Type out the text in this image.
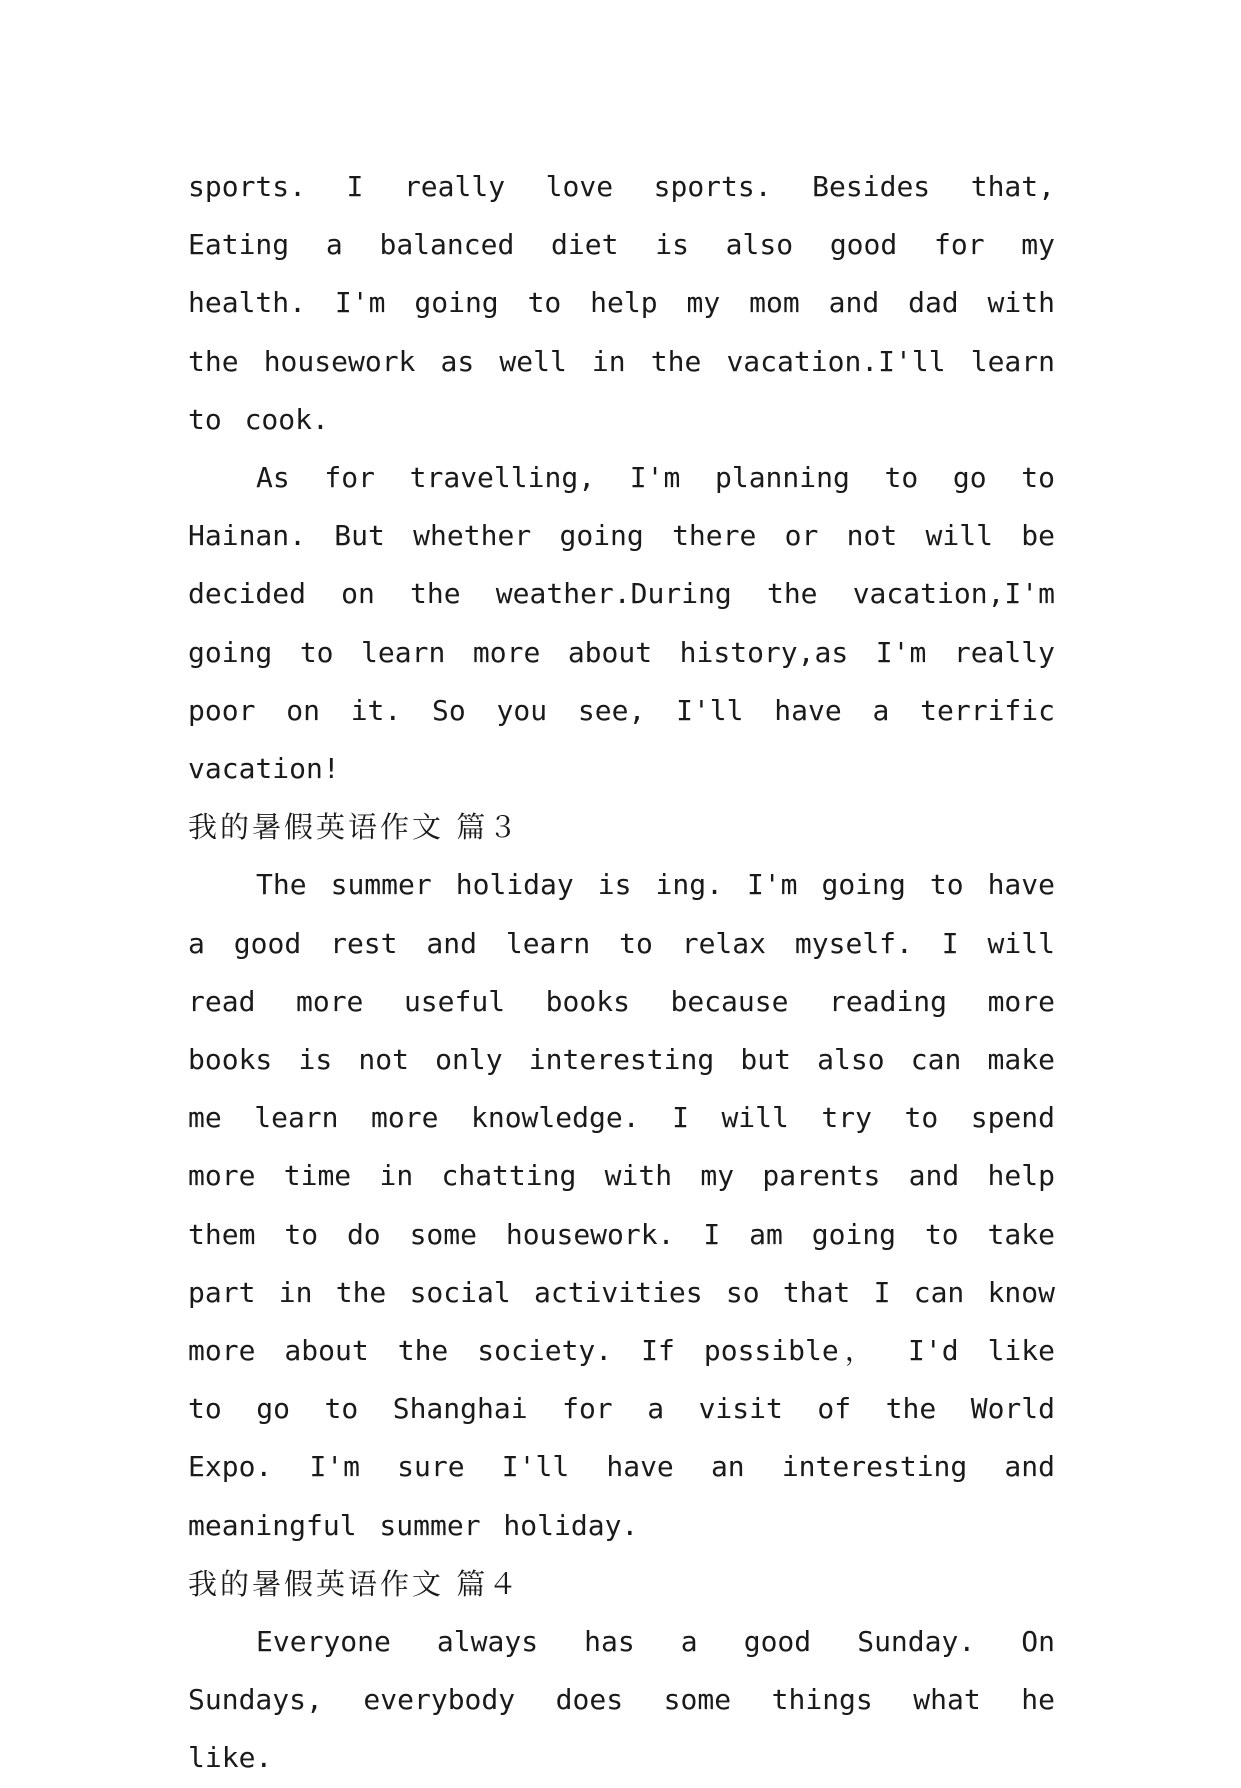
sports. I really love sports. Besides that, Eating a balanced diet is also good for my health. I'm going to help my mom and dad with the housework as well in the vacation.I'll learn to cook.

As for travelling, I'm planning to go to Hainan. But whether going there or not will be decided on the weather.During the vacation,I'm going to learn more about history,as I'm really poor on it. So you see, I'll have a terrific vacation!

我的暑假英语作文 篇３

The summer holiday is ing. I'm going to have a good rest and learn to relax myself. I will read more useful books because reading more books is not only interesting but also can make me learn more knowledge. I will try to spend more time in chatting with my parents and help them to do some housework. I am going to take part in the social activities so that I can know more about the society. If possible， I'd like to go to Shanghai for a visit of the World Expo. I'm sure I'll have an interesting and meaningful summer holiday.

我的暑假英语作文 篇４

Everyone always has a good Sunday. On Sundays, everybody does some things what he like.
